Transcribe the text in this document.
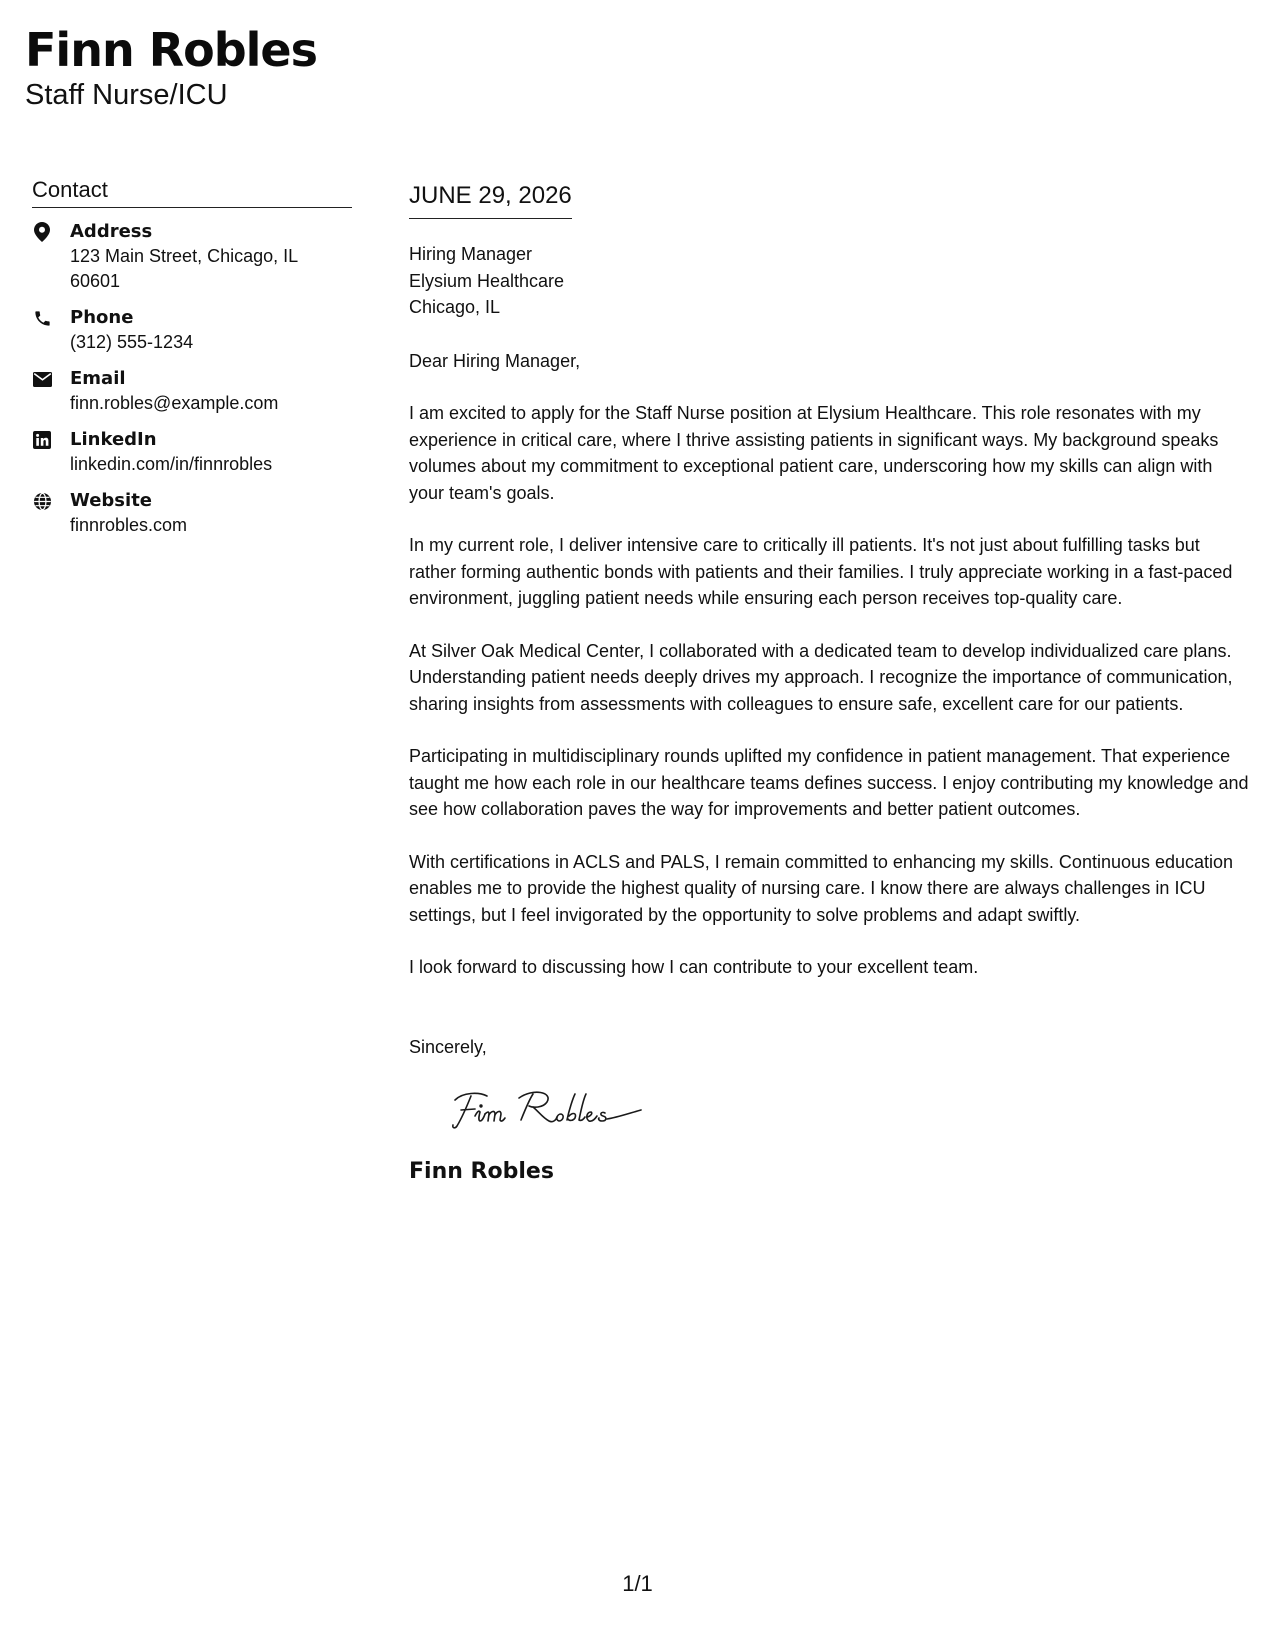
Finn Robles
Staff Nurse/ICU
Contact
Address
123 Main Street, Chicago, IL 60601
Phone
(312) 555-1234
Email
finn.robles@example.com
LinkedIn
linkedin.com/in/finnrobles
Website
finnrobles.com
JUNE 29, 2026
Hiring Manager
Elysium Healthcare
Chicago, IL
Dear Hiring Manager,
I am excited to apply for the Staff Nurse position at Elysium Healthcare. This role resonates with my experience in critical care, where I thrive assisting patients in significant ways. My background speaks volumes about my commitment to exceptional patient care, underscoring how my skills can align with your team's goals.
In my current role, I deliver intensive care to critically ill patients. It's not just about fulfilling tasks but rather forming authentic bonds with patients and their families. I truly appreciate working in a fast-paced environment, juggling patient needs while ensuring each person receives top-quality care.
At Silver Oak Medical Center, I collaborated with a dedicated team to develop individualized care plans. Understanding patient needs deeply drives my approach. I recognize the importance of communication, sharing insights from assessments with colleagues to ensure safe, excellent care for our patients.
Participating in multidisciplinary rounds uplifted my confidence in patient management. That experience taught me how each role in our healthcare teams defines success. I enjoy contributing my knowledge and see how collaboration paves the way for improvements and better patient outcomes.
With certifications in ACLS and PALS, I remain committed to enhancing my skills. Continuous education enables me to provide the highest quality of nursing care. I know there are always challenges in ICU settings, but I feel invigorated by the opportunity to solve problems and adapt swiftly.
I look forward to discussing how I can contribute to your excellent team.
Sincerely,
Finn Robles
1/1
